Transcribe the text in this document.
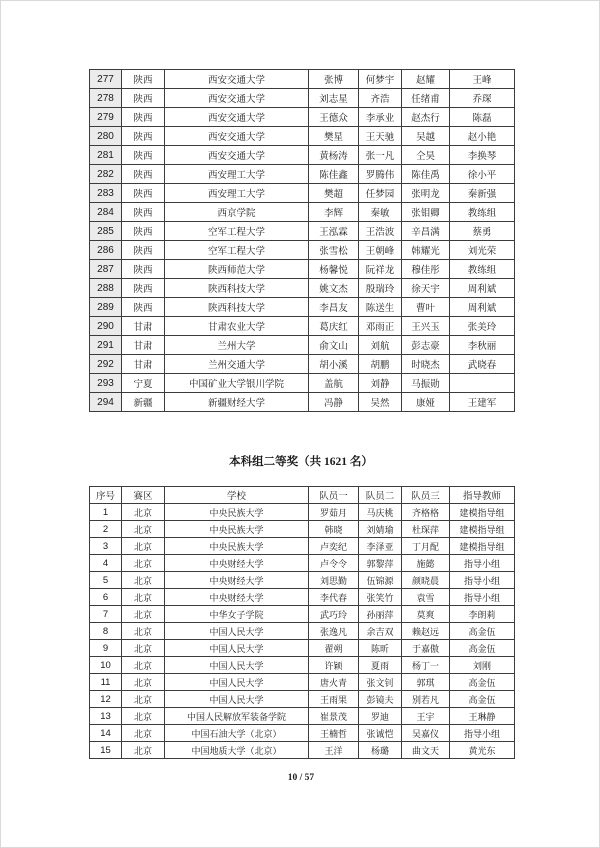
277	陕西	西安交通大学	张博	何梦宇	赵耀	王峰
278	陕西	西安交通大学	刘志星	齐浩	任绪甫	乔琛
279	陕西	西安交通大学	王德众	李承业	赵杰行	陈磊
280	陕西	西安交通大学	樊星	王天驰	吴越	赵小艳
281	陕西	西安交通大学	黄杨涛	张一凡	仝昊	李换琴
282	陕西	西安理工大学	陈佳鑫	罗腾伟	陈佳禹	徐小平
283	陕西	西安理工大学	樊超	任梦园	张明龙	秦新强
284	陕西	西京学院	李辉	秦敏	张钼卿	教练组
285	陕西	空军工程大学	王泓霖	王浩波	辛昌满	蔡勇
286	陕西	空军工程大学	张雪松	王朝峰	韩耀光	刘光荣
287	陕西	陕西师范大学	杨馨悦	阮祥龙	穆佳彤	教练组
288	陕西	陕西科技大学	姚文杰	殷瑞玲	徐天宇	周利斌
289	陕西	陕西科技大学	李昌友	陈送生	曹叶	周利斌
290	甘肃	甘肃农业大学	葛庆红	邓雨正	王兴玉	张美玲
291	甘肃	兰州大学	俞文山	刘航	彭志豪	李秋丽
292	甘肃	兰州交通大学	胡小溪	胡鹏	时晓杰	武晓春
293	宁夏	中国矿业大学银川学院	盖航	刘静	马振勋	
294	新疆	新疆财经大学	冯静	吴然	康娅	王建军
本科组二等奖（共 1621 名）
序号	赛区	学校	队员一	队员二	队员三	指导教师
1	北京	中央民族大学	罗茹月	马庆桃	齐格格	建模指导组
2	北京	中央民族大学	韩晓	刘婧瑜	杜琛萍	建模指导组
3	北京	中央民族大学	卢奕纪	李泽亚	丁月配	建模指导组
4	北京	中央财经大学	卢令令	郭黎萍	施懿	指导小组
5	北京	中央财经大学	刘思勤	伍锦源	颜晓晨	指导小组
6	北京	中央财经大学	李代春	张笑竹	袁雪	指导小组
7	北京	中华女子学院	武巧玲	孙丽萍	莫爽	李朗莉
8	北京	中国人民大学	张逸凡	余吉双	赖赵远	高金伍
9	北京	中国人民大学	翟朔	陈昕	于嘉傲	高金伍
10	北京	中国人民大学	许颖	夏雨	杨丁一	刘刚
11	北京	中国人民大学	唐火青	张文钊	郭琪	高金伍
12	北京	中国人民大学	王雨果	彭镜夫	别若凡	高金伍
13	北京	中国人民解放军装备学院	崔景茂	罗迪	王宇	王琳静
14	北京	中国石油大学（北京）	王楠哲	张诚恺	吴嘉仪	指导小组
15	北京	中国地质大学（北京）	王洋	杨璐	曲文天	黄光东
10 / 57
